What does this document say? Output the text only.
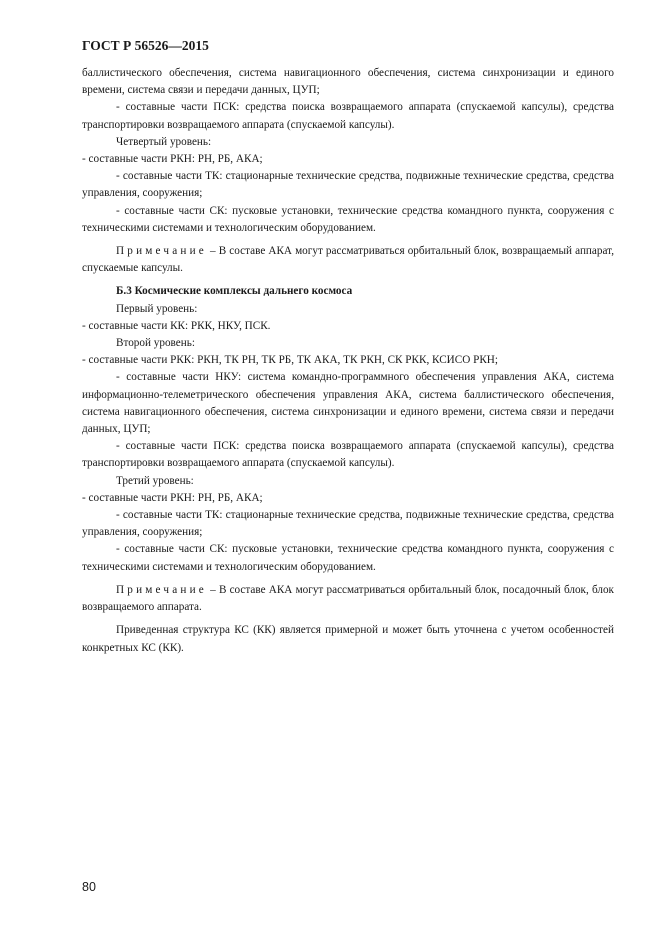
ГОСТ Р 56526—2015

баллистического обеспечения, система навигационного обеспечения, система синхронизации и единого времени, система связи и передачи данных, ЦУП;

- составные части ПСК: средства поиска возвращаемого аппарата (спускаемой капсулы), средства транспортировки возвращаемого аппарата (спускаемой капсулы).

Четвертый уровень:

- составные части РКН: РН, РБ, АКА;

- составные части ТК: стационарные технические средства, подвижные технические средства, средства управления, сооружения;

- составные части СК: пусковые установки, технические средства командного пункта, сооружения с техническими системами и технологическим оборудованием.

Примечание – В составе АКА могут рассматриваться орбитальный блок, возвращаемый аппарат, спускаемые капсулы.

Б.3 Космические комплексы дальнего космоса

Первый уровень:

- составные части КК: РКК, НКУ, ПСК.

Второй уровень:

- составные части РКК: РКН, ТК РН, ТК РБ, ТК АКА, ТК РКН, СК РКК, КСИСО РКН;

- составные части НКУ: система командно-программного обеспечения управления АКА, система информационно-телеметрического обеспечения управления АКА, система баллистического обеспечения, система навигационного обеспечения, система синхронизации и единого времени, система связи и передачи данных, ЦУП;

- составные части ПСК: средства поиска возвращаемого аппарата (спускаемой капсулы), средства транспортировки возвращаемого аппарата (спускаемой капсулы).

Третий уровень:

- составные части РКН: РН, РБ, АКА;

- составные части ТК: стационарные технические средства, подвижные технические средства, средства управления, сооружения;

- составные части СК: пусковые установки, технические средства командного пункта, сооружения с техническими системами и технологическим оборудованием.

Примечание – В составе АКА могут рассматриваться орбитальный блок, посадочный блок, блок возвращаемого аппарата.

Приведенная структура КС (КК) является примерной и может быть уточнена с учетом особенностей конкретных КС (КК).

80
